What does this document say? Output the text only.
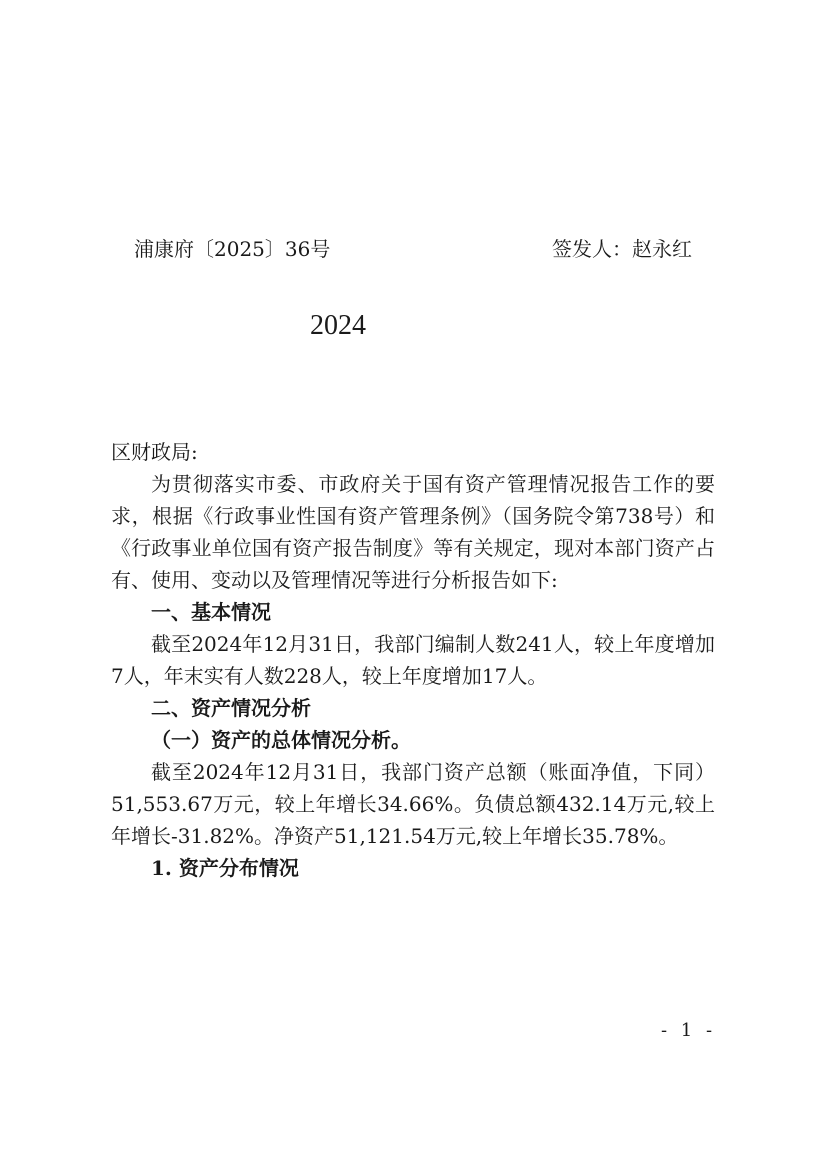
浦康府〔2025〕36号	签发人：赵永红
2024

区财政局:

为贯彻落实市委、市政府关于国有资产管理情况报告工作的要求，根据《行政事业性国有资产管理条例》（国务院令第738号）和《行政事业单位国有资产报告制度》等有关规定，现对本部门资产占有、使用、变动以及管理情况等进行分析报告如下:

一、基本情况

截至2024年12月31日，我部门编制人数241人，较上年度增加7人，年末实有人数228人，较上年度增加17人。

二、资产情况分析

（一）资产的总体情况分析。

截至2024年12月31日，我部门资产总额（账面净值，下同）51,553.67万元，较上年增长34.66%。负债总额432.14万元,较上年增长-31.82%。净资产51,121.54万元,较上年增长35.78%。

1. 资产分布情况

- 1 -
